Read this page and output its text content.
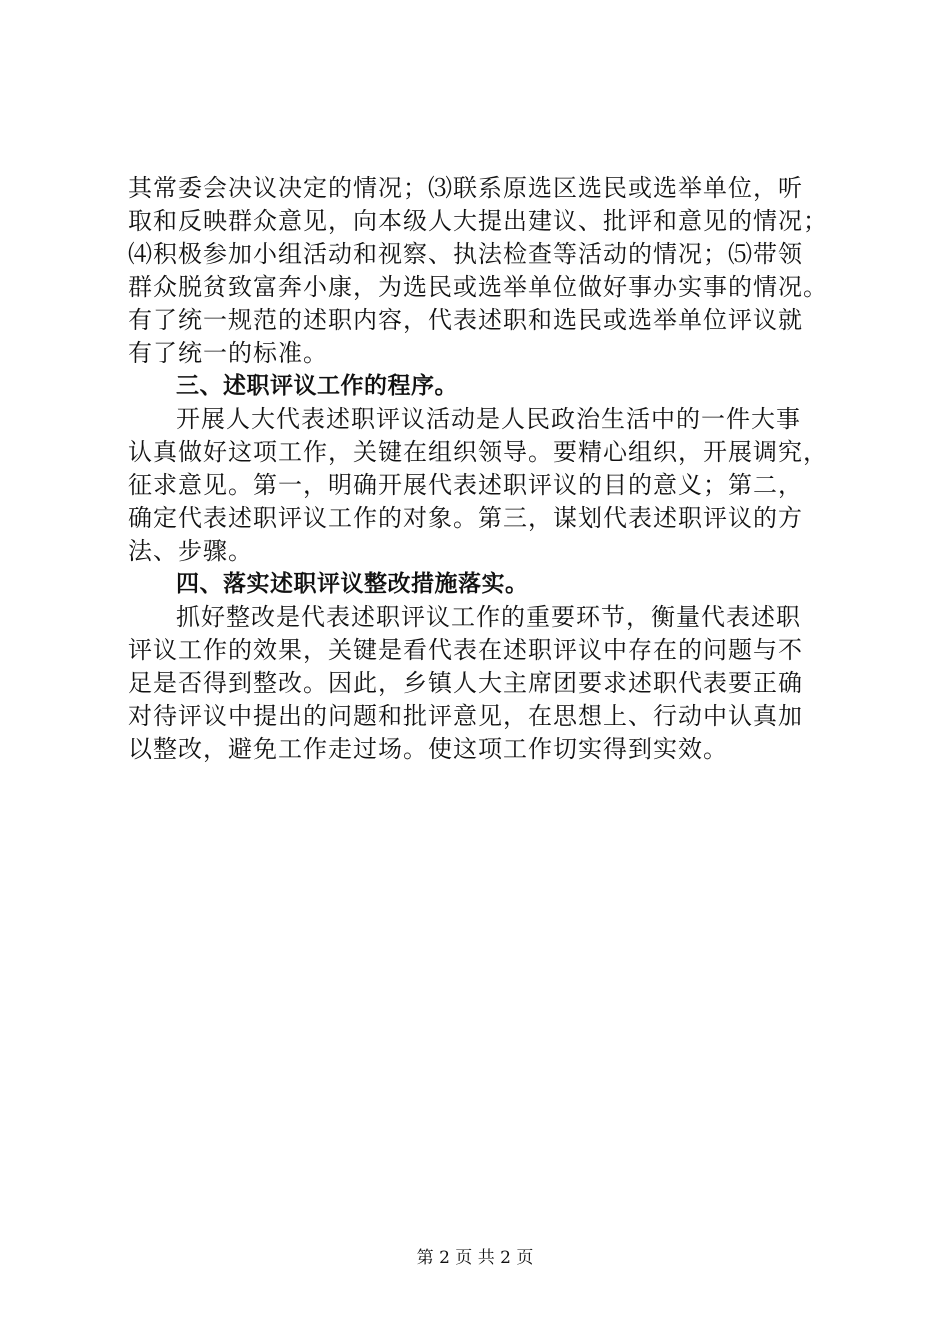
其常委会决议决定的情况；⑶联系原选区选民或选举单位，听
取和反映群众意见，向本级人大提出建议、批评和意见的情况；
⑷积极参加小组活动和视察、执法检查等活动的情况；⑸带领
群众脱贫致富奔小康，为选民或选举单位做好事办实事的情况。
有了统一规范的述职内容，代表述职和选民或选举单位评议就
有了统一的标准。
三、述职评议工作的程序。
开展人大代表述职评议活动是人民政治生活中的一件大事
认真做好这项工作，关键在组织领导。要精心组织，开展调究，
征求意见。第一，明确开展代表述职评议的目的意义；第二，
确定代表述职评议工作的对象。第三，谋划代表述职评议的方
法、步骤。
四、落实述职评议整改措施落实。
抓好整改是代表述职评议工作的重要环节，衡量代表述职
评议工作的效果，关键是看代表在述职评议中存在的问题与不
足是否得到整改。因此，乡镇人大主席团要求述职代表要正确
对待评议中提出的问题和批评意见，在思想上、行动中认真加
以整改，避免工作走过场。使这项工作切实得到实效。
第 2 页 共 2 页
